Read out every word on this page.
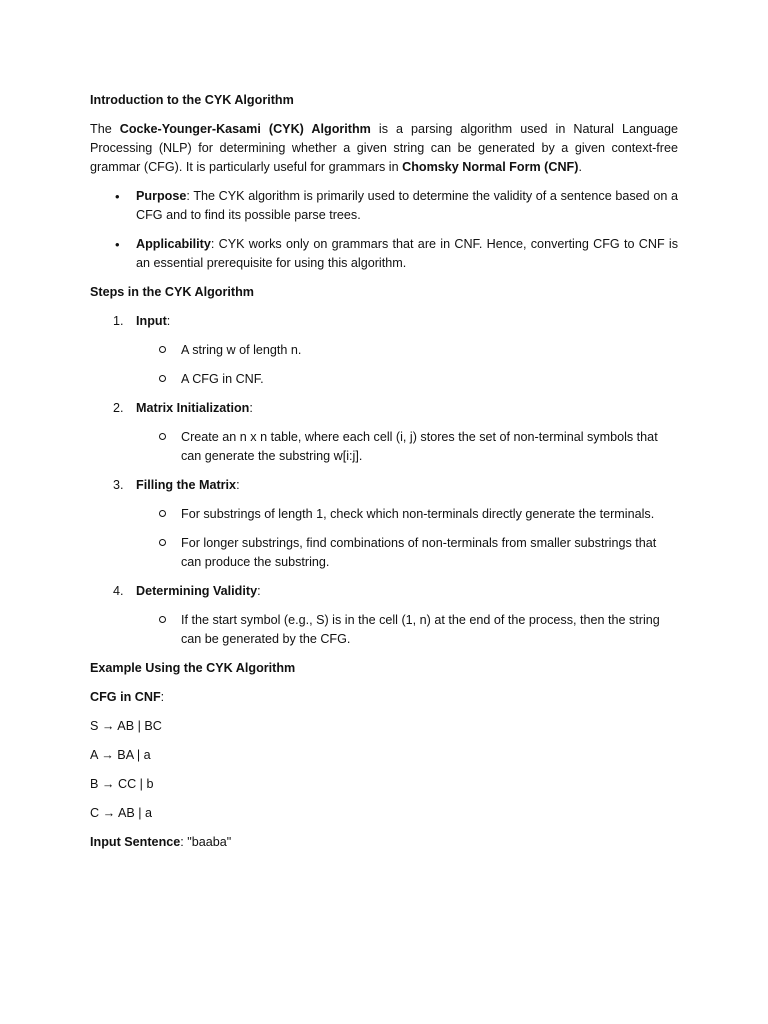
Introduction to the CYK Algorithm

The Cocke-Younger-Kasami (CYK) Algorithm is a parsing algorithm used in Natural Language Processing (NLP) for determining whether a given string can be generated by a given context-free grammar (CFG). It is particularly useful for grammars in Chomsky Normal Form (CNF).

• Purpose: The CYK algorithm is primarily used to determine the validity of a sentence based on a CFG and to find its possible parse trees.
• Applicability: CYK works only on grammars that are in CNF. Hence, converting CFG to CNF is an essential prerequisite for using this algorithm.
Steps in the CYK Algorithm
1. Input:
A string w of length n.
A CFG in CNF.
2. Matrix Initialization:
Create an n x n table, where each cell (i, j) stores the set of non-terminal symbols that can generate the substring w[i:j].
3. Filling the Matrix:
For substrings of length 1, check which non-terminals directly generate the terminals.
For longer substrings, find combinations of non-terminals from smaller substrings that can produce the substring.
4. Determining Validity:
If the start symbol (e.g., S) is in the cell (1, n) at the end of the process, then the string can be generated by the CFG.
Example Using the CYK Algorithm

CFG in CNF:

S → AB | BC
A → BA | a
B → CC | b
C → AB | a

Input Sentence: "baaba"
